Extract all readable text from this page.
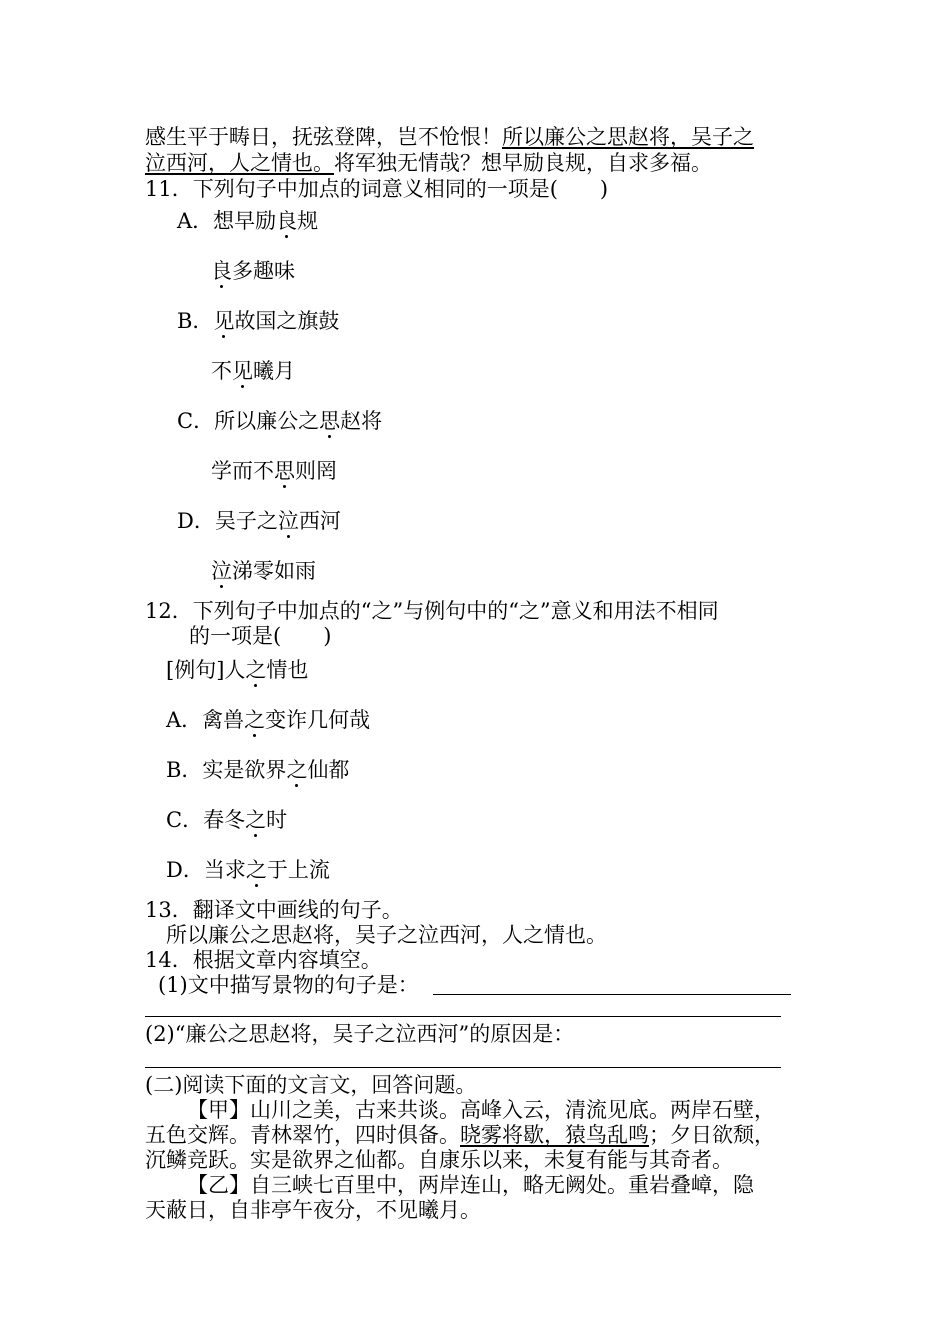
感生平于畴日，抚弦登陴，岂不怆恨！所以廉公之思赵将，吴子之
泣西河，人之情也。将军独无情哉？想早励良规，自求多福。
11．下列句子中加点的词意义相同的一项是(　　)
A．想早励良规
良多趣味
B．见故国之旗鼓
不见曦月
C．所以廉公之思赵将
学而不思则罔
D．吴子之泣西河
泣涕零如雨
12．下列句子中加点的“之”与例句中的“之”意义和用法不相同
的一项是(　　)
[例句]人之情也
A．禽兽之变诈几何哉
B．实是欲界之仙都
C．春冬之时
D．当求之于上流
13．翻译文中画线的句子。
所以廉公之思赵将，吴子之泣西河，人之情也。
14．根据文章内容填空。
(1)文中描写景物的句子是：
(2)“廉公之思赵将，吴子之泣西河”的原因是：
(二)阅读下面的文言文，回答问题。
【甲】山川之美，古来共谈。高峰入云，清流见底。两岸石壁，
五色交辉。青林翠竹，四时俱备。晓雾将歇，猿鸟乱鸣；夕日欲颓，
沉鳞竞跃。实是欲界之仙都。自康乐以来，未复有能与其奇者。
【乙】自三峡七百里中，两岸连山，略无阙处。重岩叠嶂，隐
天蔽日，自非亭午夜分，不见曦月。
